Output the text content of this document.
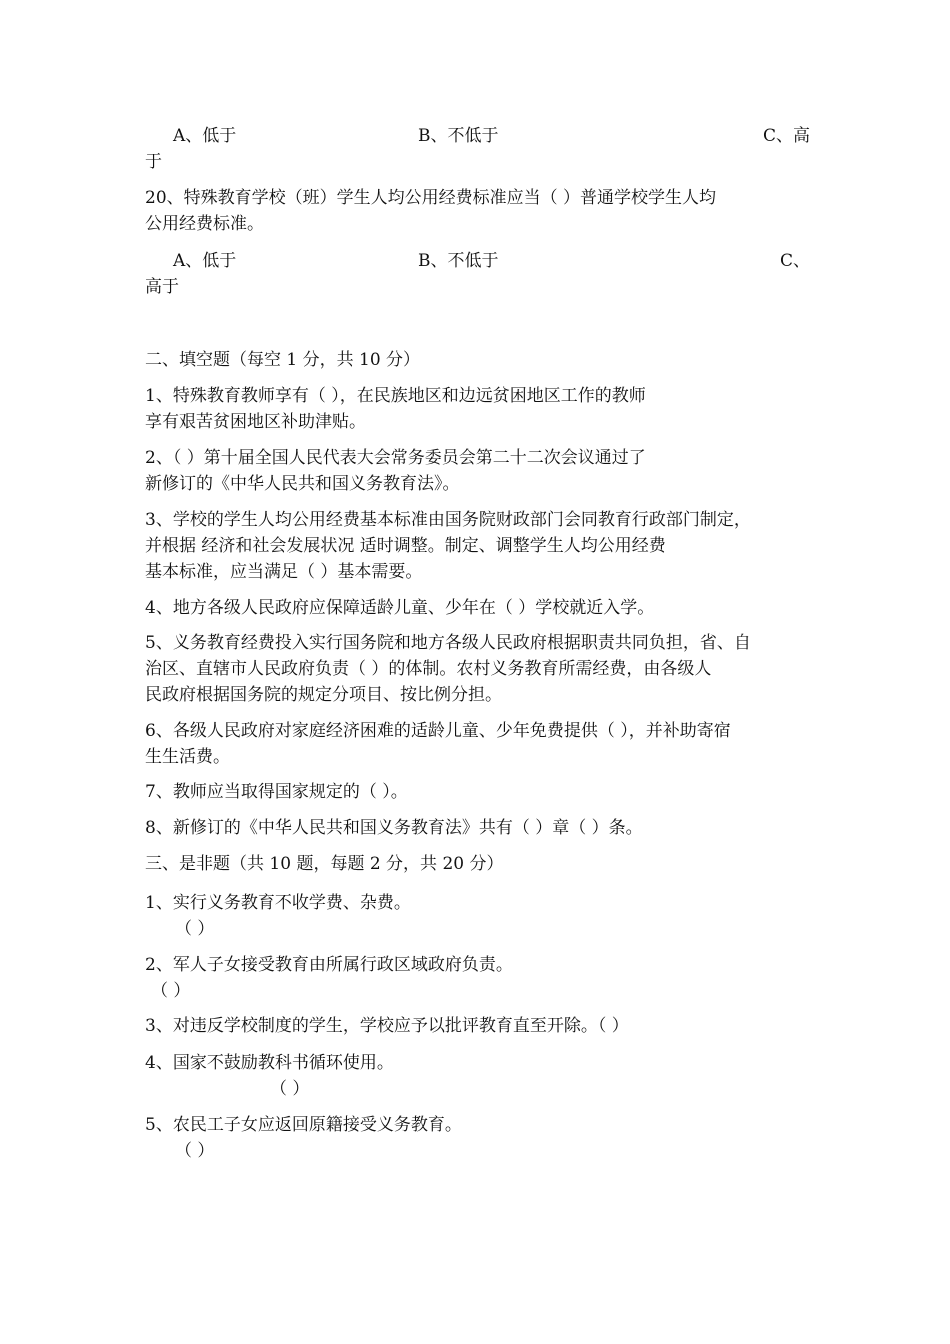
A、低于	B、不低于	C、高
于
20、特殊教育学校（班）学生人均公用经费标准应当（ ）普通学校学生人均
公用经费标准。
A、低于	B、不低于	C、
高于
二、填空题（每空 1 分，共 10 分）
1、特殊教育教师享有（ ），在民族地区和边远贫困地区工作的教师
享有艰苦贫困地区补助津贴。
2、（ ）第十届全国人民代表大会常务委员会第二十二次会议通过了
新修订的《中华人民共和国义务教育法》。
3、学校的学生人均公用经费基本标准由国务院财政部门会同教育行政部门制定，
并根据 经济和社会发展状况 适时调整。制定、调整学生人均公用经费
基本标准，应当满足（ ）基本需要。
4、地方各级人民政府应保障适龄儿童、少年在（ ）学校就近入学。
5、义务教育经费投入实行国务院和地方各级人民政府根据职责共同负担，省、自
治区、直辖市人民政府负责（ ）的体制。农村义务教育所需经费，由各级人
民政府根据国务院的规定分项目、按比例分担。
6、各级人民政府对家庭经济困难的适龄儿童、少年免费提供（ ），并补助寄宿
生生活费。
7、教师应当取得国家规定的（ ）。
8、新修订的《中华人民共和国义务教育法》共有（ ）章（ ）条。
三、是非题（共 10 题，每题 2 分，共 20 分）
1、实行义务教育不收学费、杂费。
（ ）
2、军人子女接受教育由所属行政区域政府负责。
（ ）
3、对违反学校制度的学生，学校应予以批评教育直至开除。（ ）
4、国家不鼓励教科书循环使用。
（ ）
5、农民工子女应返回原籍接受义务教育。
（ ）
